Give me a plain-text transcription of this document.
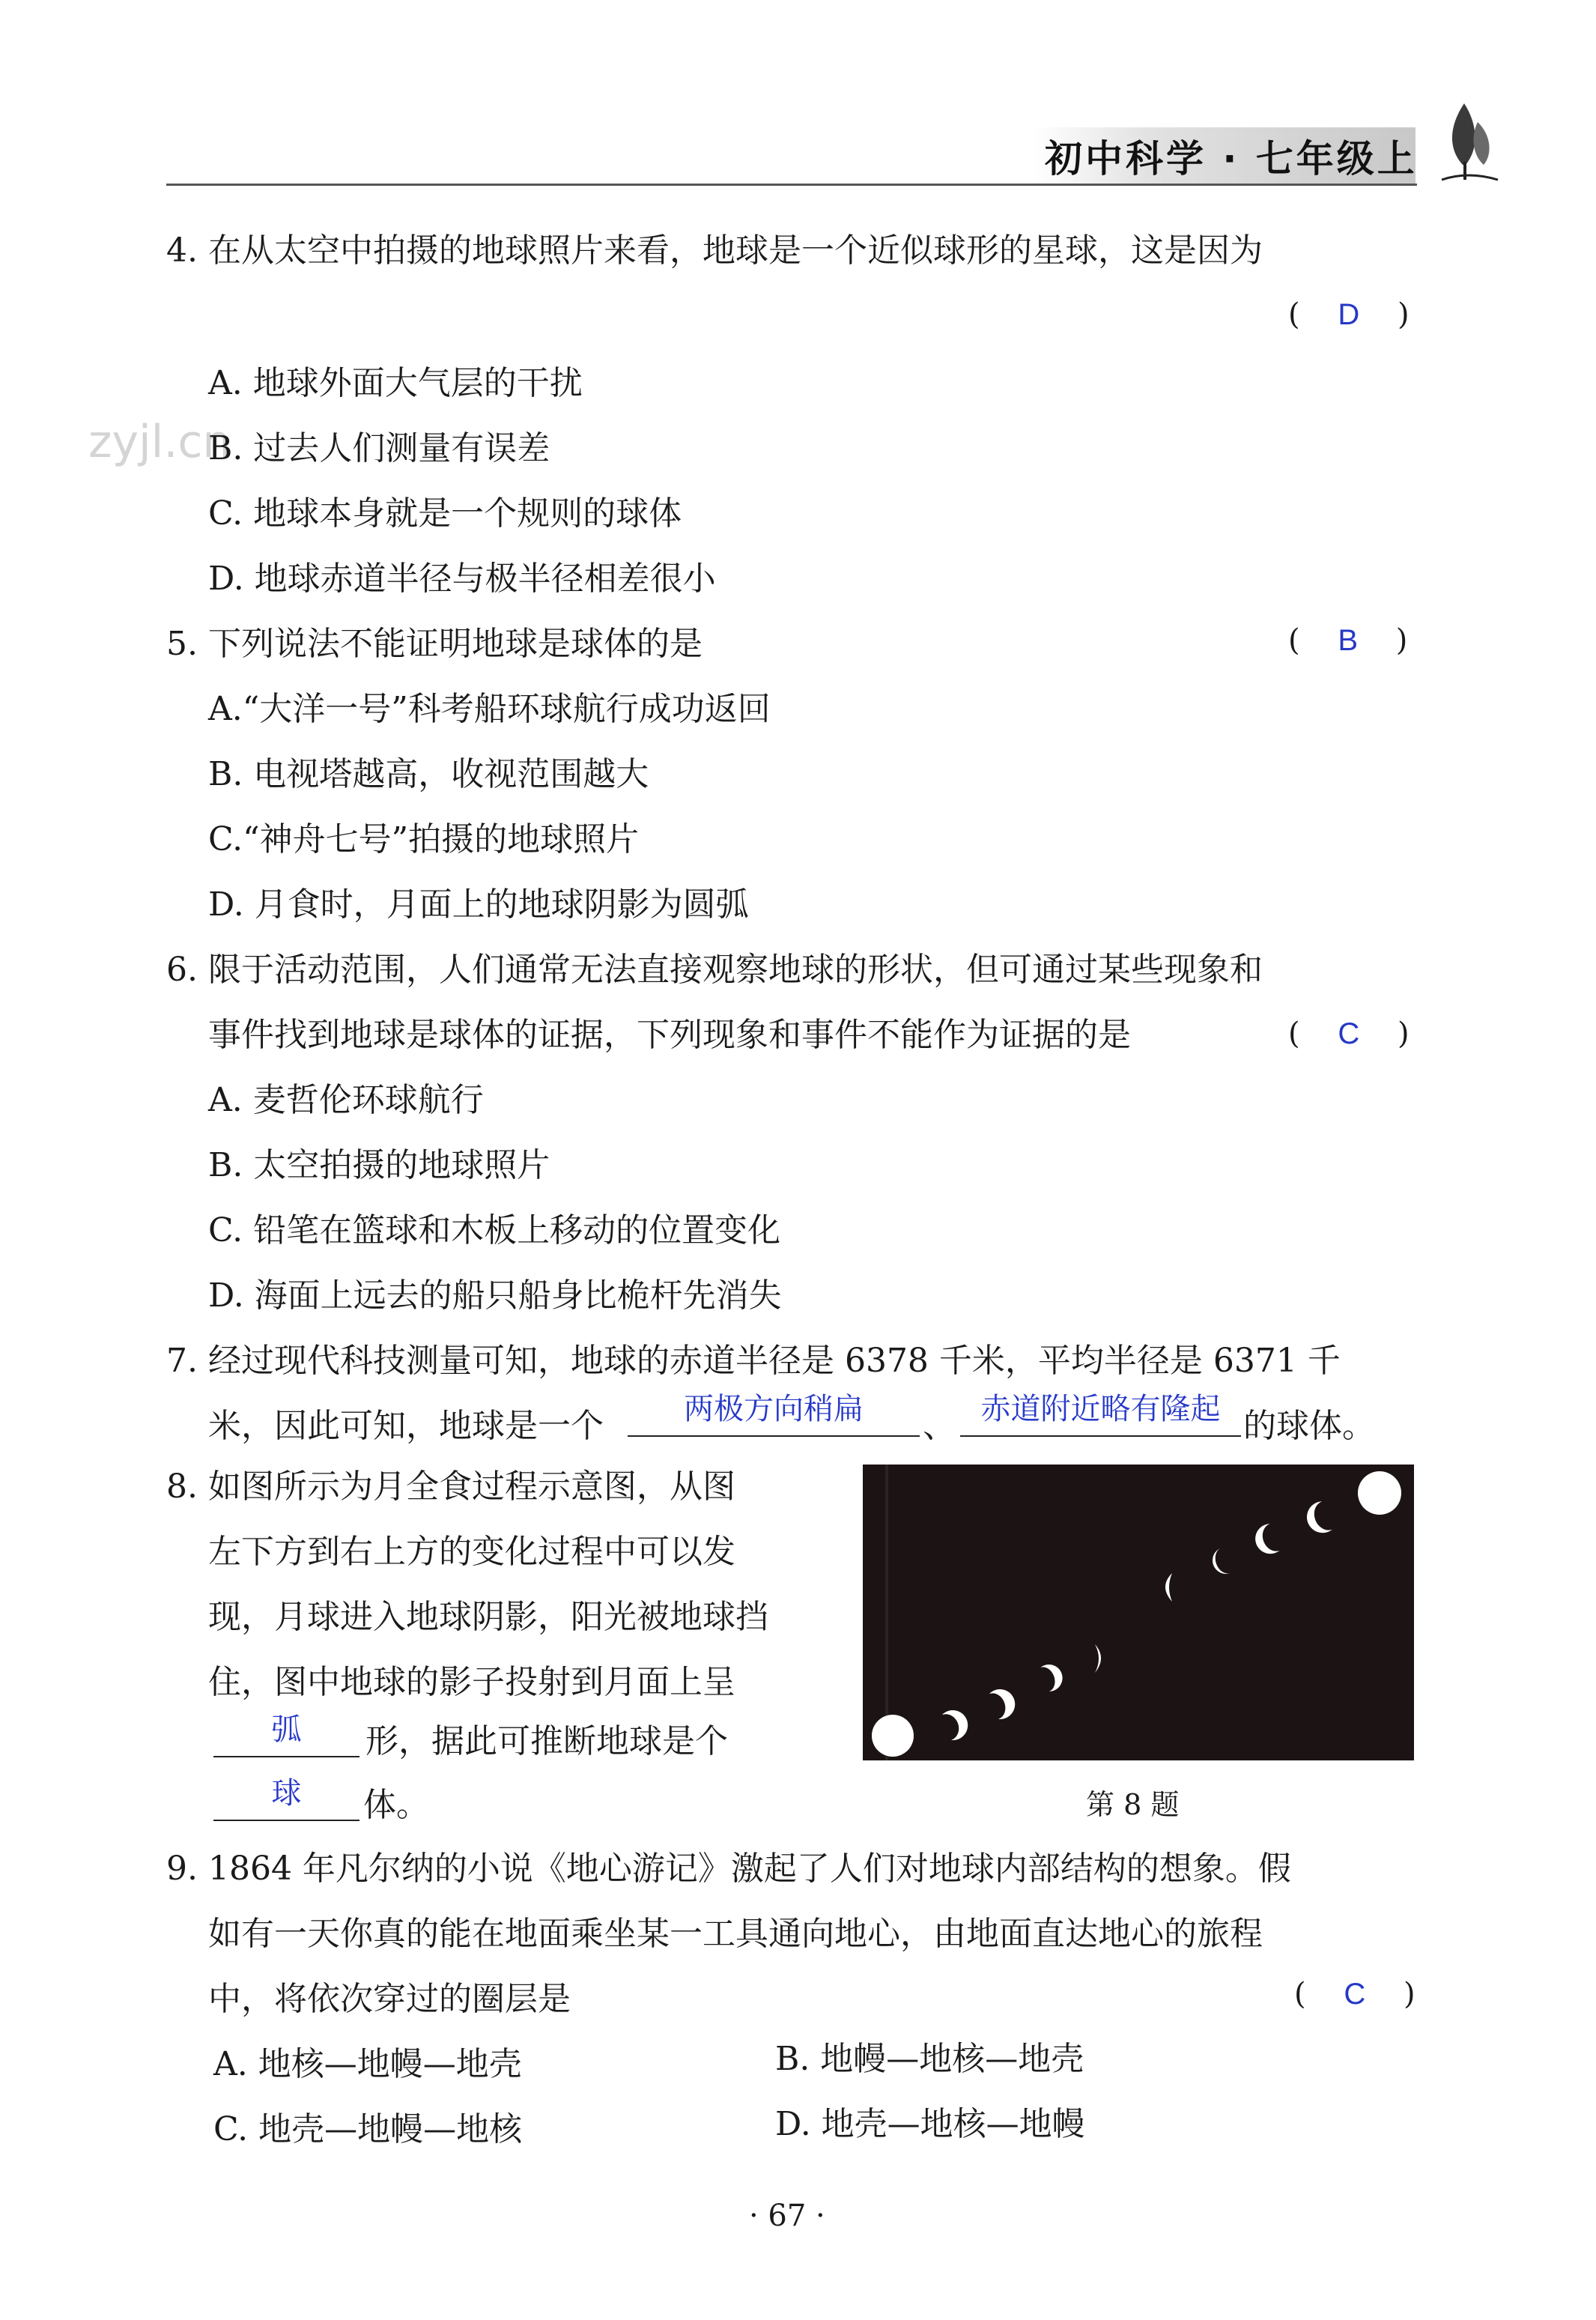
初中科学 · 七年级上
zyjl.cn
4. 在从太空中拍摄的地球照片来看，地球是一个近似球形的星球，这是因为
( D )
A. 地球外面大气层的干扰
B. 过去人们测量有误差
C. 地球本身就是一个规则的球体
D. 地球赤道半径与极半径相差很小
5. 下列说法不能证明地球是球体的是	( B )
A.“大洋一号”科考船环球航行成功返回
B. 电视塔越高，收视范围越大
C.“神舟七号”拍摄的地球照片
D. 月食时，月面上的地球阴影为圆弧
6. 限于活动范围，人们通常无法直接观察地球的形状，但可通过某些现象和
事件找到地球是球体的证据，下列现象和事件不能作为证据的是	( C )
A. 麦哲伦环球航行
B. 太空拍摄的地球照片
C. 铅笔在篮球和木板上移动的位置变化
D. 海面上远去的船只船身比桅杆先消失
7. 经过现代科技测量可知，地球的赤道半径是 6378 千米，平均半径是 6371 千
米，因此可知，地球是一个	两极方向稍扁	、 赤道附近略有隆起 的球体。
8. 如图所示为月全食过程示意图，从图
左下方到右上方的变化过程中可以发
现，月球进入地球阴影，阳光被地球挡
住，图中地球的影子投射到月面上呈
弧	形，据此可推断地球是个
球	体。	第 8 题
9. 1864 年凡尔纳的小说《地心游记》激起了人们对地球内部结构的想象。假
如有一天你真的能在地面乘坐某一工具通向地心，由地面直达地心的旅程
中，将依次穿过的圈层是	( C )
A. 地核—地幔—地壳	B. 地幔—地核—地壳
C. 地壳—地幔—地核	D. 地壳—地核—地幔
· 67 ·
